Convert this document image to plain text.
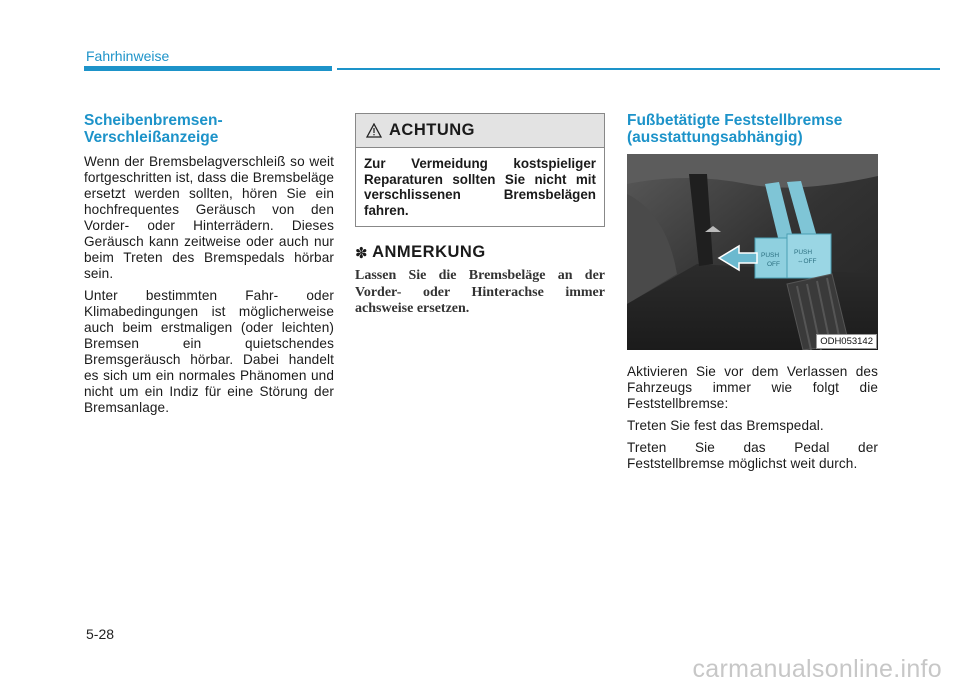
Fahrhinweise
Scheibenbremsen-
Verschleißanzeige

Wenn der Bremsbelagverschleiß so weit fortgeschritten ist, dass die Bremsbeläge ersetzt werden sollten, hören Sie ein hochfrequentes Geräusch von den Vorder- oder Hinterrädern. Dieses Geräusch kann zeitweise oder auch nur beim Treten des Bremspedals hörbar sein.

Unter bestimmten Fahr- oder Klimabedingungen ist möglicherweise auch beim erstmaligen (oder leichten) Bremsen ein quietschendes Bremsgeräusch hörbar. Dabei handelt es sich um ein normales Phänomen und nicht um ein Indiz für eine Störung der Bremsanlage.

ACHTUNG
Zur Vermeidung kostspieliger Reparaturen sollten Sie nicht mit verschlissenen Bremsbelägen fahren.
✽ ANMERKUNG
Lassen Sie die Bremsbeläge an der Vorder- oder Hinterachse immer achsweise ersetzen.
Fußbetätigte Feststellbremse
(ausstattungsabhängig)
PUSH
OFF
PUSH
⇔OFF
ODH053142

Aktivieren Sie vor dem Verlassen des Fahrzeugs immer wie folgt die Feststellbremse:

Treten Sie fest das Bremspedal.

Treten Sie das Pedal der Feststellbremse möglichst weit durch.

5-28
carmanualsonline.info
